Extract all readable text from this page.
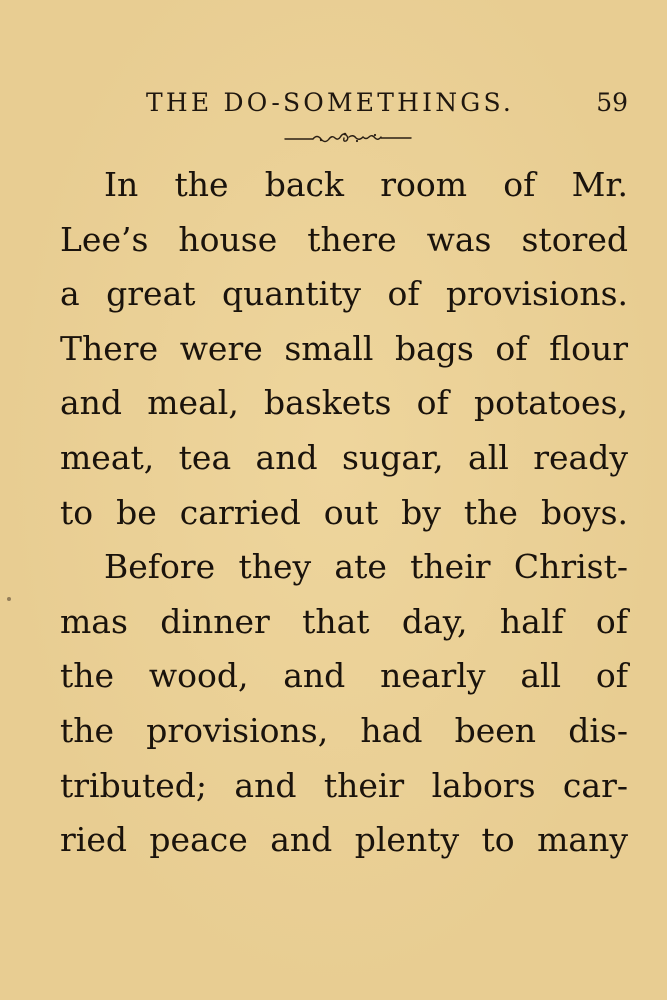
THE DO-SOMETHINGS.	59
In the back room of Mr.
Lee’s house there was stored
a great quantity of provisions.
There were small bags of flour
and meal, baskets of potatoes,
meat, tea and sugar, all ready
to be carried out by the boys.
Before they ate their Christ-
mas dinner that day, half of
the wood, and nearly all of
the provisions, had been dis-
tributed; and their labors car-
ried peace and plenty to many
